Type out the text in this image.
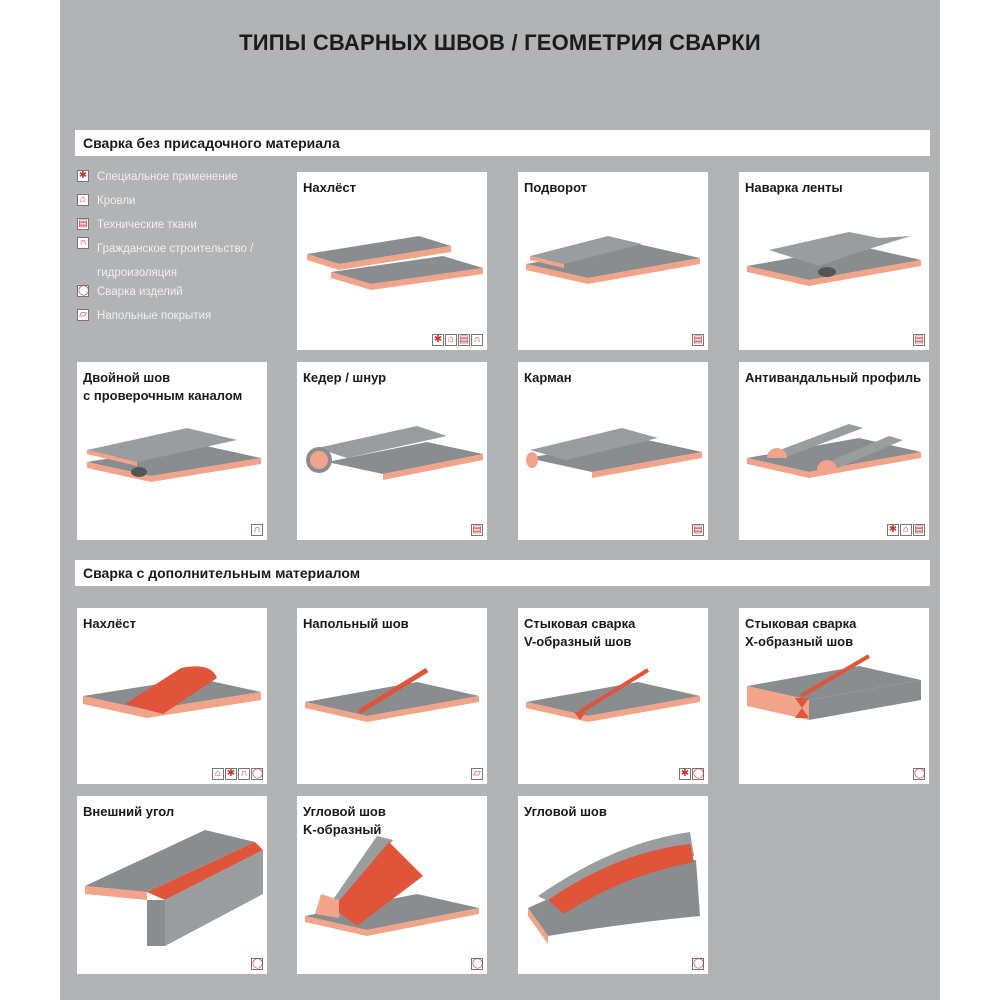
ТИПЫ СВАРНЫХ ШВОВ / ГЕОМЕТРИЯ СВАРКИ
Сварка без присадочного материала
Сварка с дополнительным материалом
✱ Специальное применение
⌂ Кровли
▤ Технические ткани
∩
Гражданское строительство /
гидроизоляция
◯ Сварка изделий
▱ Напольные покрытия
Нахлёст
✱ ⌂ ▤ ∩
Подворот
▤
Наварка ленты
▤
Двойной шов
с проверочным каналом
∩
Кедер / шнур
▤
Карман
▤
Антивандальный профиль
✱ ⌂ ▤
Нахлёст
⌂ ✱ ∩ ◯
Напольный шов
▱
Стыковая сварка
V-образный шов
✱ ◯
Стыковая сварка
X-образный шов
◯
Внешний угол
◯
Угловой шов
K-образный
◯
Угловой шов
◯
